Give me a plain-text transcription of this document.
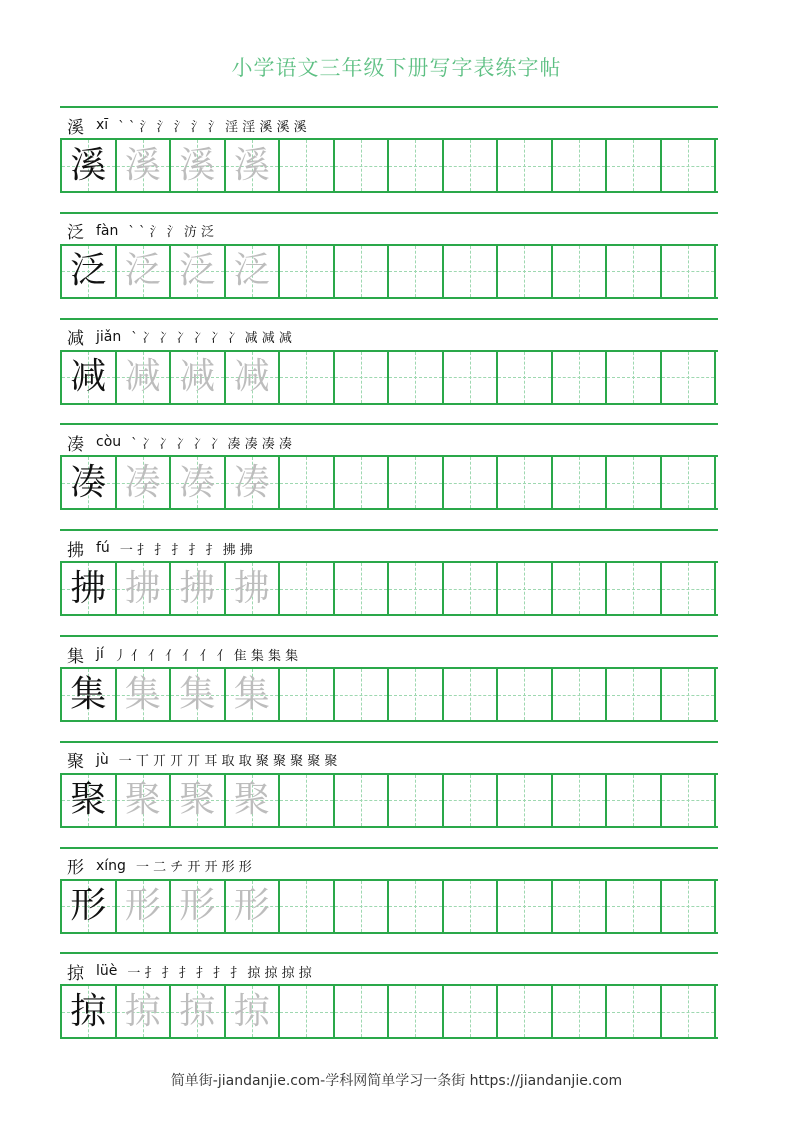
小学语文三年级下册写字表练字帖
溪 xī ` ˋ 氵 氵 氵 氵 氵 淫 淫 溪 溪 溪
溪 溪 溪 溪
泛 fàn ` ˋ 氵 氵 汸 泛
泛 泛 泛 泛
减 jiǎn ` 冫 冫 冫 冫 冫 冫 减 减 减
减 减 减 减
凑 còu ` 冫 冫 冫 冫 冫 凑 凑 凑 凑
凑 凑 凑 凑
拂 fú 一 扌 扌 扌 扌 扌 拂 拂
拂 拂 拂 拂
集 jí 丿 亻 亻 亻 亻 亻 亻 隹 集 集 集
集 集 集 集
聚 jù 一 丅 丌 丌 丌 耳 取 取 聚 聚 聚 聚 聚
聚 聚 聚 聚
形 xíng 一 二 チ 开 开 形 形
形 形 形 形
掠 lüè 一 扌 扌 扌 扌 扌 扌 掠 掠 掠 掠
掠 掠 掠 掠
简单街-jiandanjie.com-学科网简单学习一条街 https://jiandanjie.com
